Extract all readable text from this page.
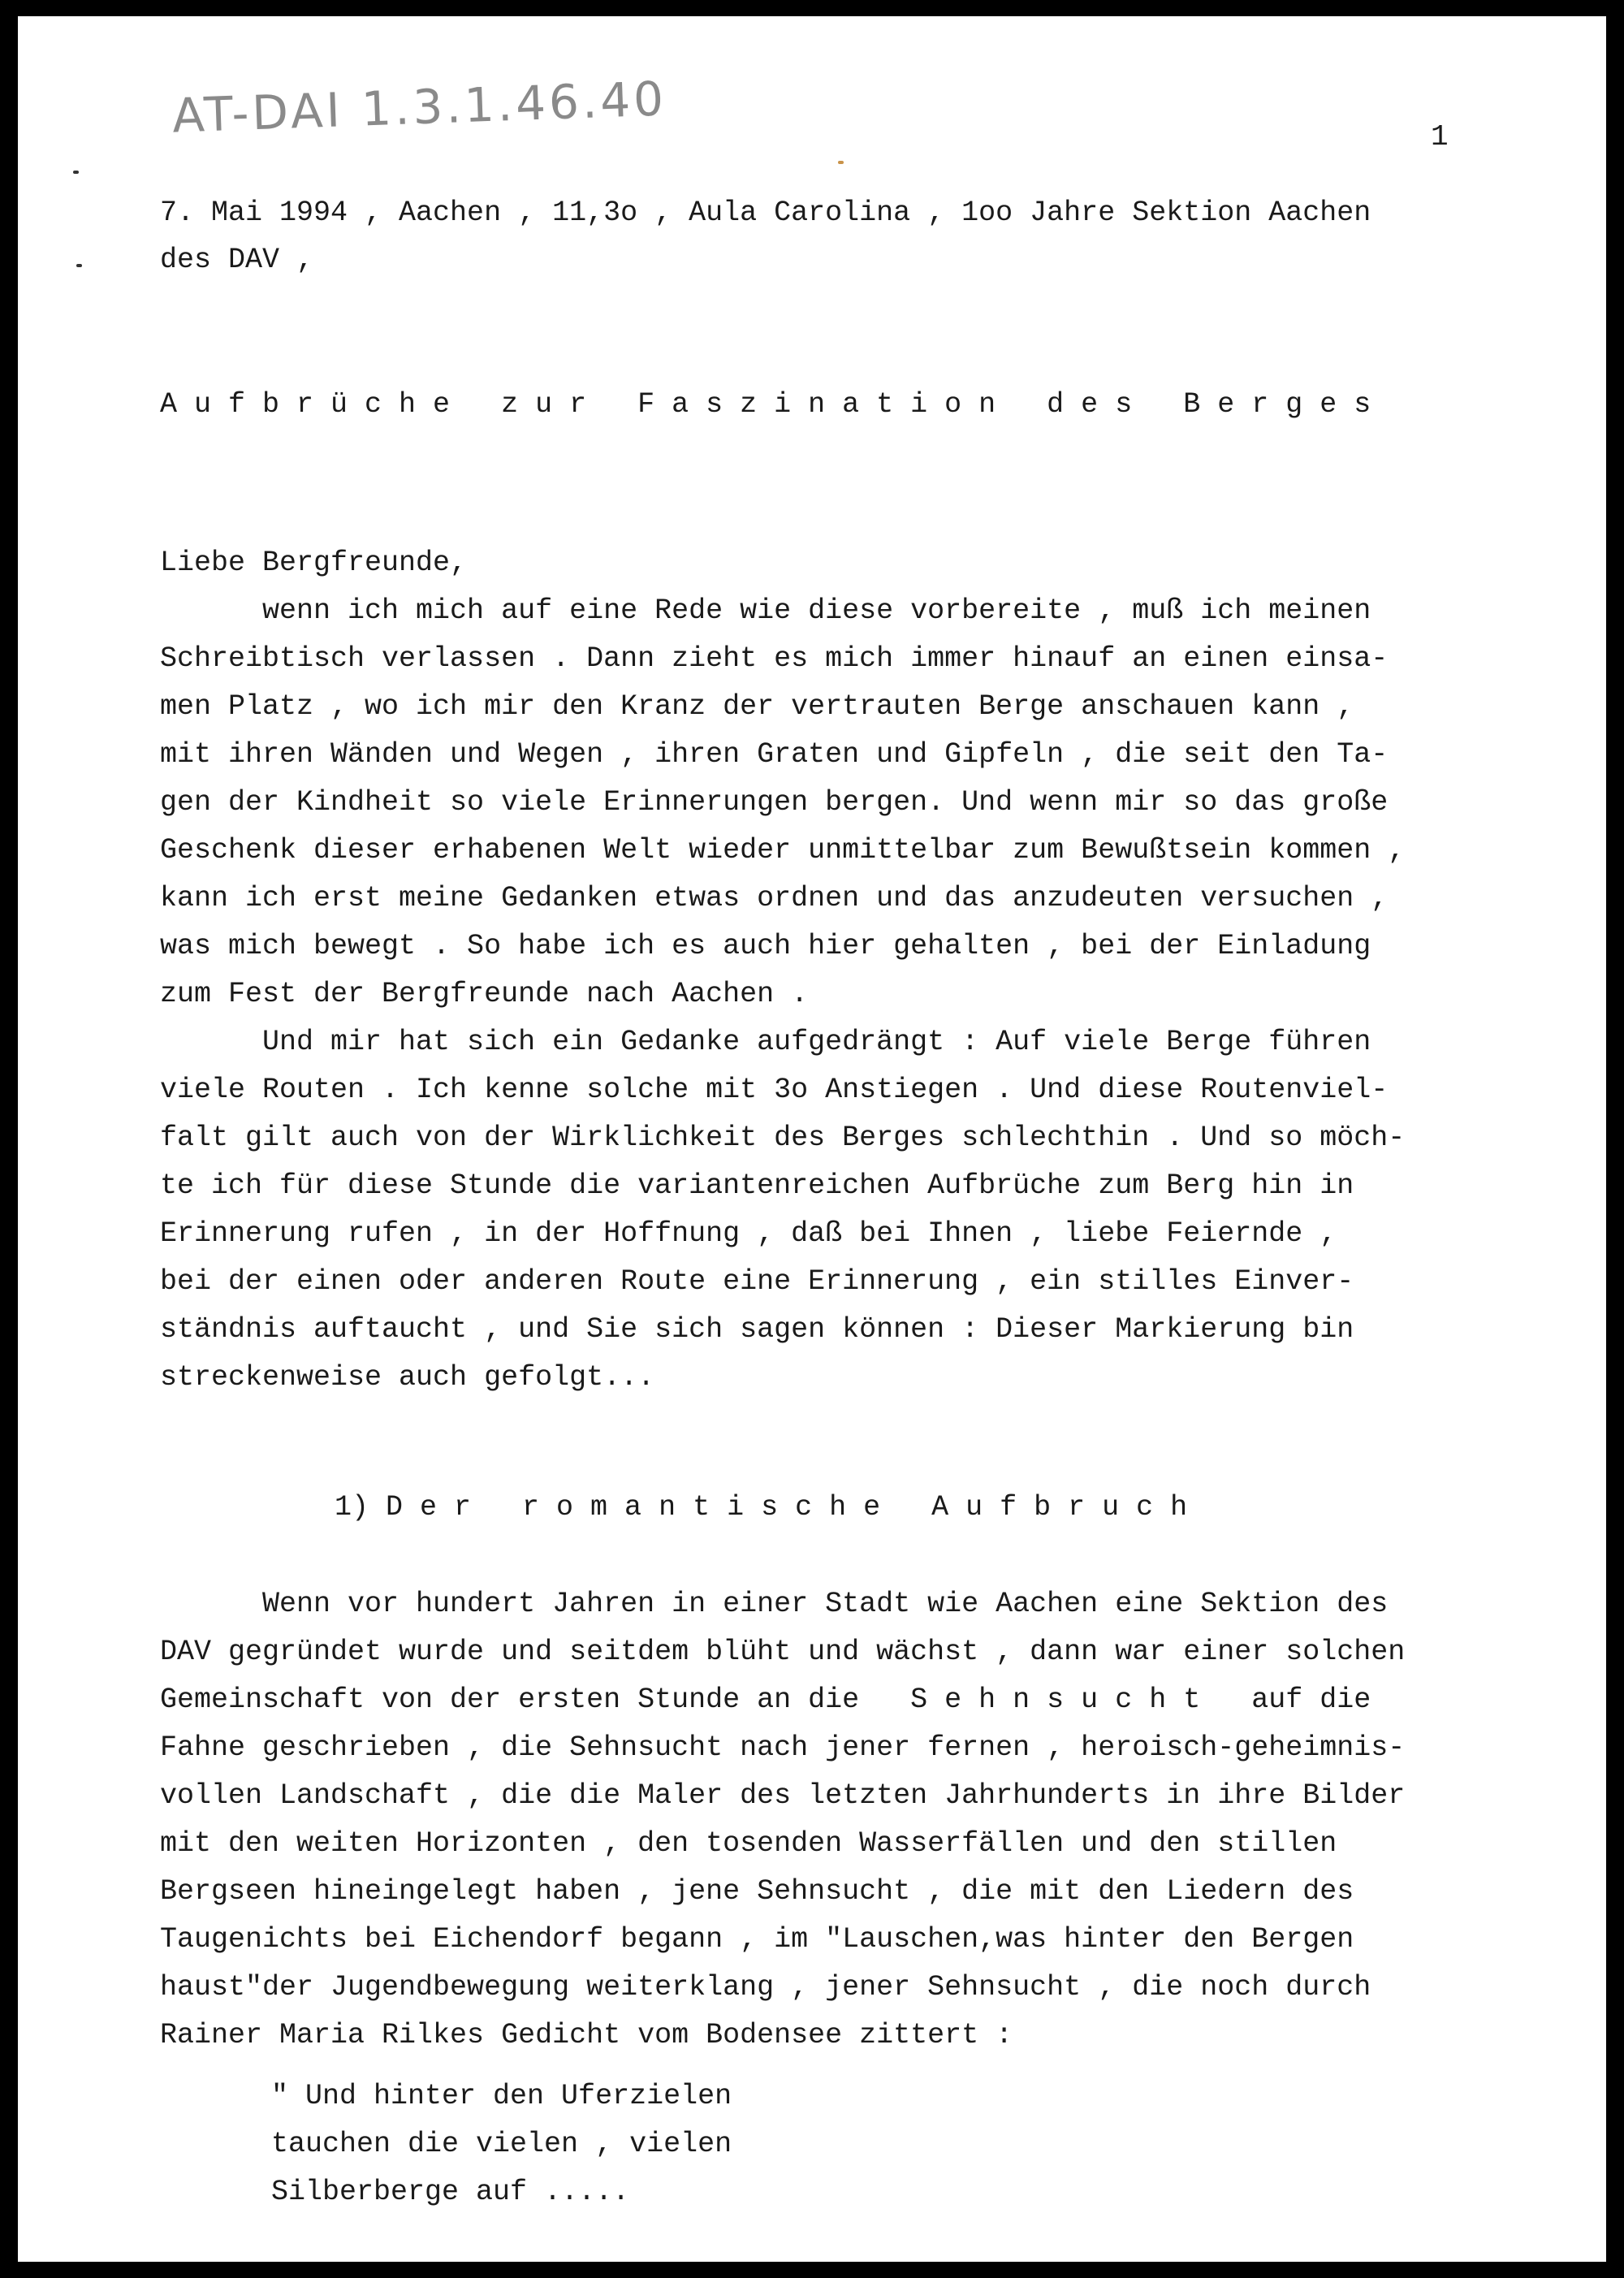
AT-DAI 1.3.1.46.40	1
7. Mai 1994 , Aachen , 11,3o , Aula Carolina , 1oo Jahre Sektion Aachen
des DAV ,
A u f b r ü c h e   z u r   F a s z i n a t i o n   d e s   B e r g e s
Liebe Bergfreunde,
wenn ich mich auf eine Rede wie diese vorbereite , muß ich meinen
Schreibtisch verlassen . Dann zieht es mich immer hinauf an einen einsa-
men Platz , wo ich mir den Kranz der vertrauten Berge anschauen kann ,
mit ihren Wänden und Wegen , ihren Graten und Gipfeln , die seit den Ta-
gen der Kindheit so viele Erinnerungen bergen. Und wenn mir so das große
Geschenk dieser erhabenen Welt wieder unmittelbar zum Bewußtsein kommen ,
kann ich erst meine Gedanken etwas ordnen und das anzudeuten versuchen ,
was mich bewegt . So habe ich es auch hier gehalten , bei der Einladung
zum Fest der Bergfreunde nach Aachen .
Und mir hat sich ein Gedanke aufgedrängt : Auf viele Berge führen
viele Routen . Ich kenne solche mit 3o Anstiegen . Und diese Routenviel-
falt gilt auch von der Wirklichkeit des Berges schlechthin . Und so möch-
te ich für diese Stunde die variantenreichen Aufbrüche zum Berg hin in
Erinnerung rufen , in der Hoffnung , daß bei Ihnen , liebe Feiernde ,
bei der einen oder anderen Route eine Erinnerung , ein stilles Einver-
ständnis auftaucht , und Sie sich sagen können : Dieser Markierung bin
streckenweise auch gefolgt...
1) D e r   r o m a n t i s c h e   A u f b r u c h
Wenn vor hundert Jahren in einer Stadt wie Aachen eine Sektion des
DAV gegründet wurde und seitdem blüht und wächst , dann war einer solchen
Gemeinschaft von der ersten Stunde an die   S e h n s u c h t   auf die
Fahne geschrieben , die Sehnsucht nach jener fernen , heroisch-geheimnis-
vollen Landschaft , die die Maler des letzten Jahrhunderts in ihre Bilder
mit den weiten Horizonten , den tosenden Wasserfällen und den stillen
Bergseen hineingelegt haben , jene Sehnsucht , die mit den Liedern des
Taugenichts bei Eichendorf begann , im "Lauschen,was hinter den Bergen
haust"der Jugendbewegung weiterklang , jener Sehnsucht , die noch durch
Rainer Maria Rilkes Gedicht vom Bodensee zittert :
" Und hinter den Uferzielen
tauchen die vielen , vielen
Silberberge auf .....
